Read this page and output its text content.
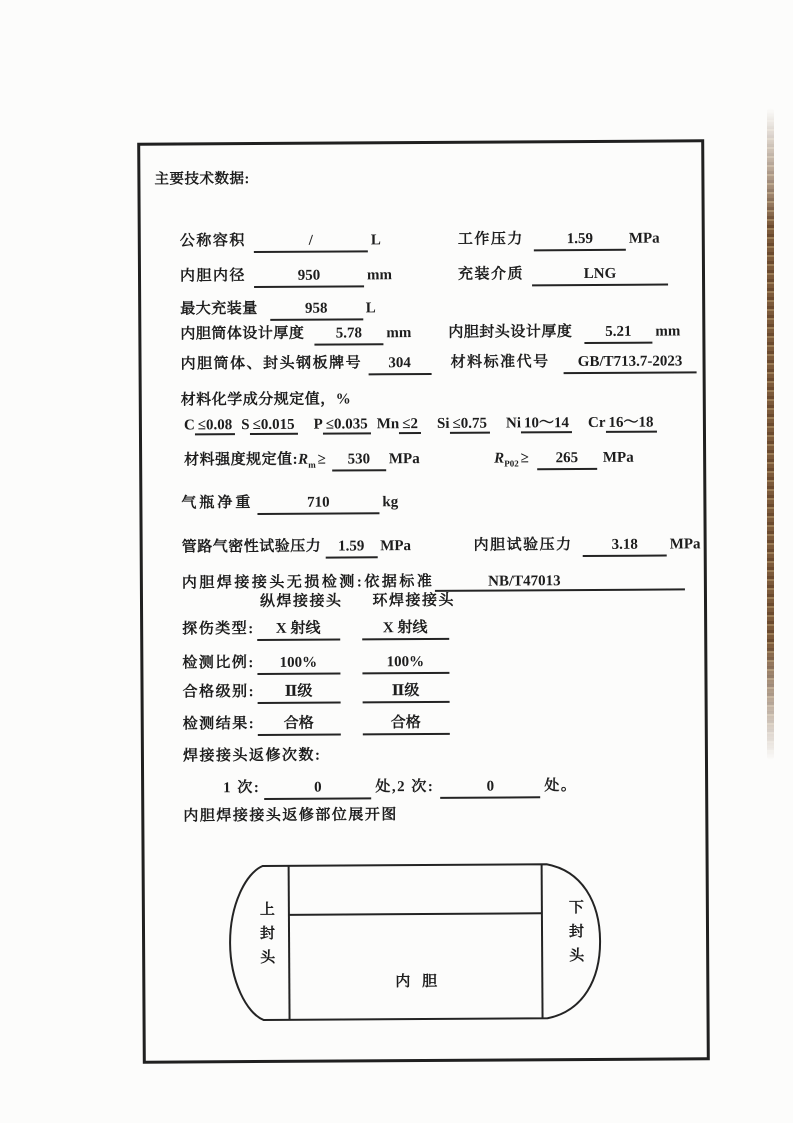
主要技术数据:
公称容积	/	L	工作压力	1.59 MPa
内胆内径	950	mm	充装介质	LNG
最大充装量	958	L
内胆筒体设计厚度 5.78 mm 内胆封头设计厚度 5.21 mm
内胆筒体、封头钢板牌号 304	材料标准代号 GB/T713.7-2023
材料化学成分规定值，%
C ≤0.08 S ≤0.015 P ≤0.035 Mn ≤2 Si ≤0.75 Ni 10～14 Cr 16～18
材料强度规定值$:R_m \ge 530$ MPa	$R_{P02} \ge 265$ MPa
气瓶净重	710	kg
管路气密性试验压力 1.59 MPa	内胆试验压力	3.18 MPa
内胆焊接接头无损检测:依据标准	NB/T47013
纵焊接接头 环焊接接头
探伤类型: X 射线	X 射线
检测比例: 100%	100%
合格级别: Ⅱ级	Ⅱ级
检测结果: 合格	合格
焊接接头返修次数:
1 次:	0	处,2 次:	0	处。
内胆焊接接头返修部位展开图
上封头	下封头
内 胆
